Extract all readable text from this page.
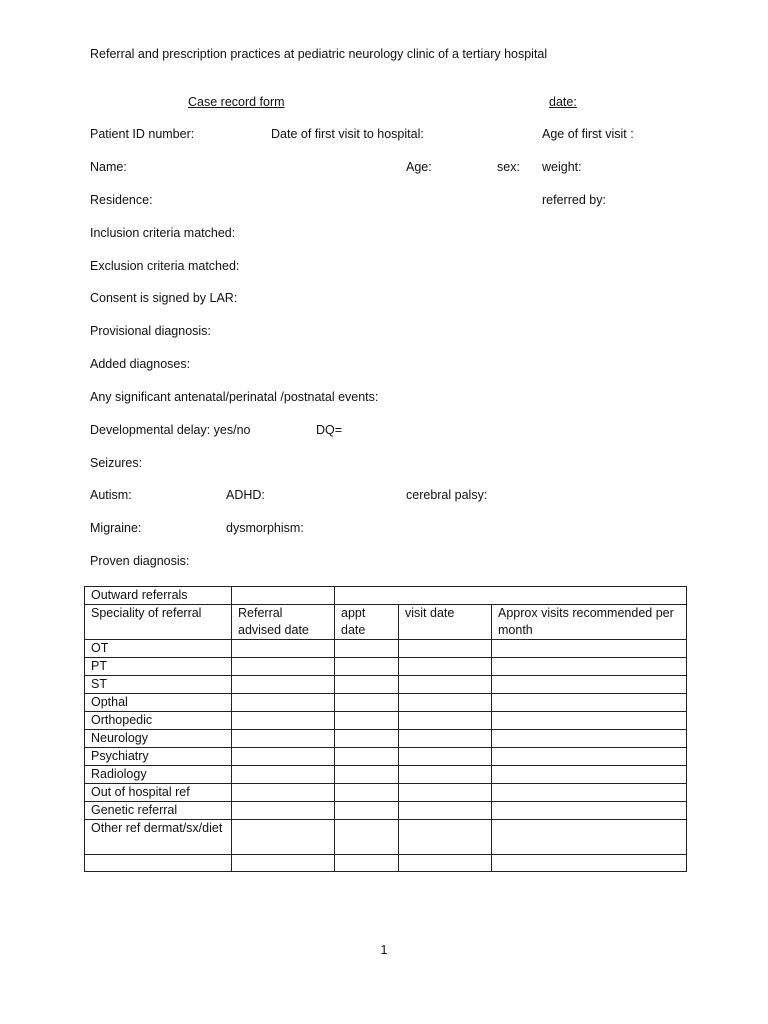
Referral and prescription practices at pediatric neurology clinic of a tertiary hospital
Case record form	date:
Patient ID number:	Date of first visit to hospital:	Age of first visit :
Name:	Age:	sex: weight:
Residence:	referred by:
Inclusion criteria matched:
Exclusion criteria matched:
Consent is signed by LAR:
Provisional diagnosis:
Added diagnoses:
Any significant antenatal/perinatal /postnatal events:
Developmental delay: yes/no	DQ=
Seizures:
Autism:	ADHD:	cerebral palsy:
Migraine:	dysmorphism:
Proven diagnosis:
Outward referrals				
Speciality of referral	Referral advised date	appt date	visit date	Approx visits recommended per month
OT				
PT				
ST				
Opthal				
Orthopedic				
Neurology				
Psychiatry				
Radiology				
Out of hospital ref				
Genetic referral				
Other ref dermat/sx/diet				

1
